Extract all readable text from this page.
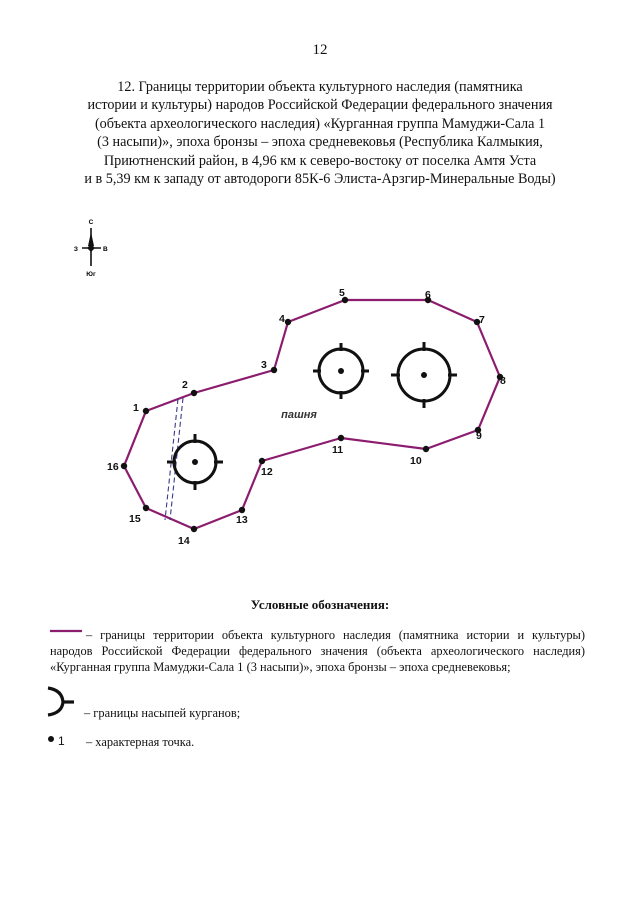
12
12. Границы территории объекта культурного наследия (памятника
истории и культуры) народов Российской Федерации федерального значения
(объекта археологического наследия) «Курганная группа Мамуджи-Сала 1
(3 насыпи)», эпоха бронзы – эпоха средневековья (Республика Калмыкия,
Приютненский район, в 4,96 км к северо-востоку от поселка Амтя Уста
и в 5,39 км к западу от автодороги 85К-6 Элиста-Арзгир-Минеральные Воды)
С
З	В
Юг
пашня
1
2
3
4
5	6
7
8
9
10
11
12
13
14
15
16
Условные обозначения:
– границы территории объекта культурного наследия (памятника истории и культуры) народов Российской Федерации федерального значения (объекта археологического наследия) «Курганная группа Мамуджи-Сала 1 (3 насыпи)», эпоха бронзы – эпоха средневековья;
– границы насыпей курганов;
1 – характерная точка.
